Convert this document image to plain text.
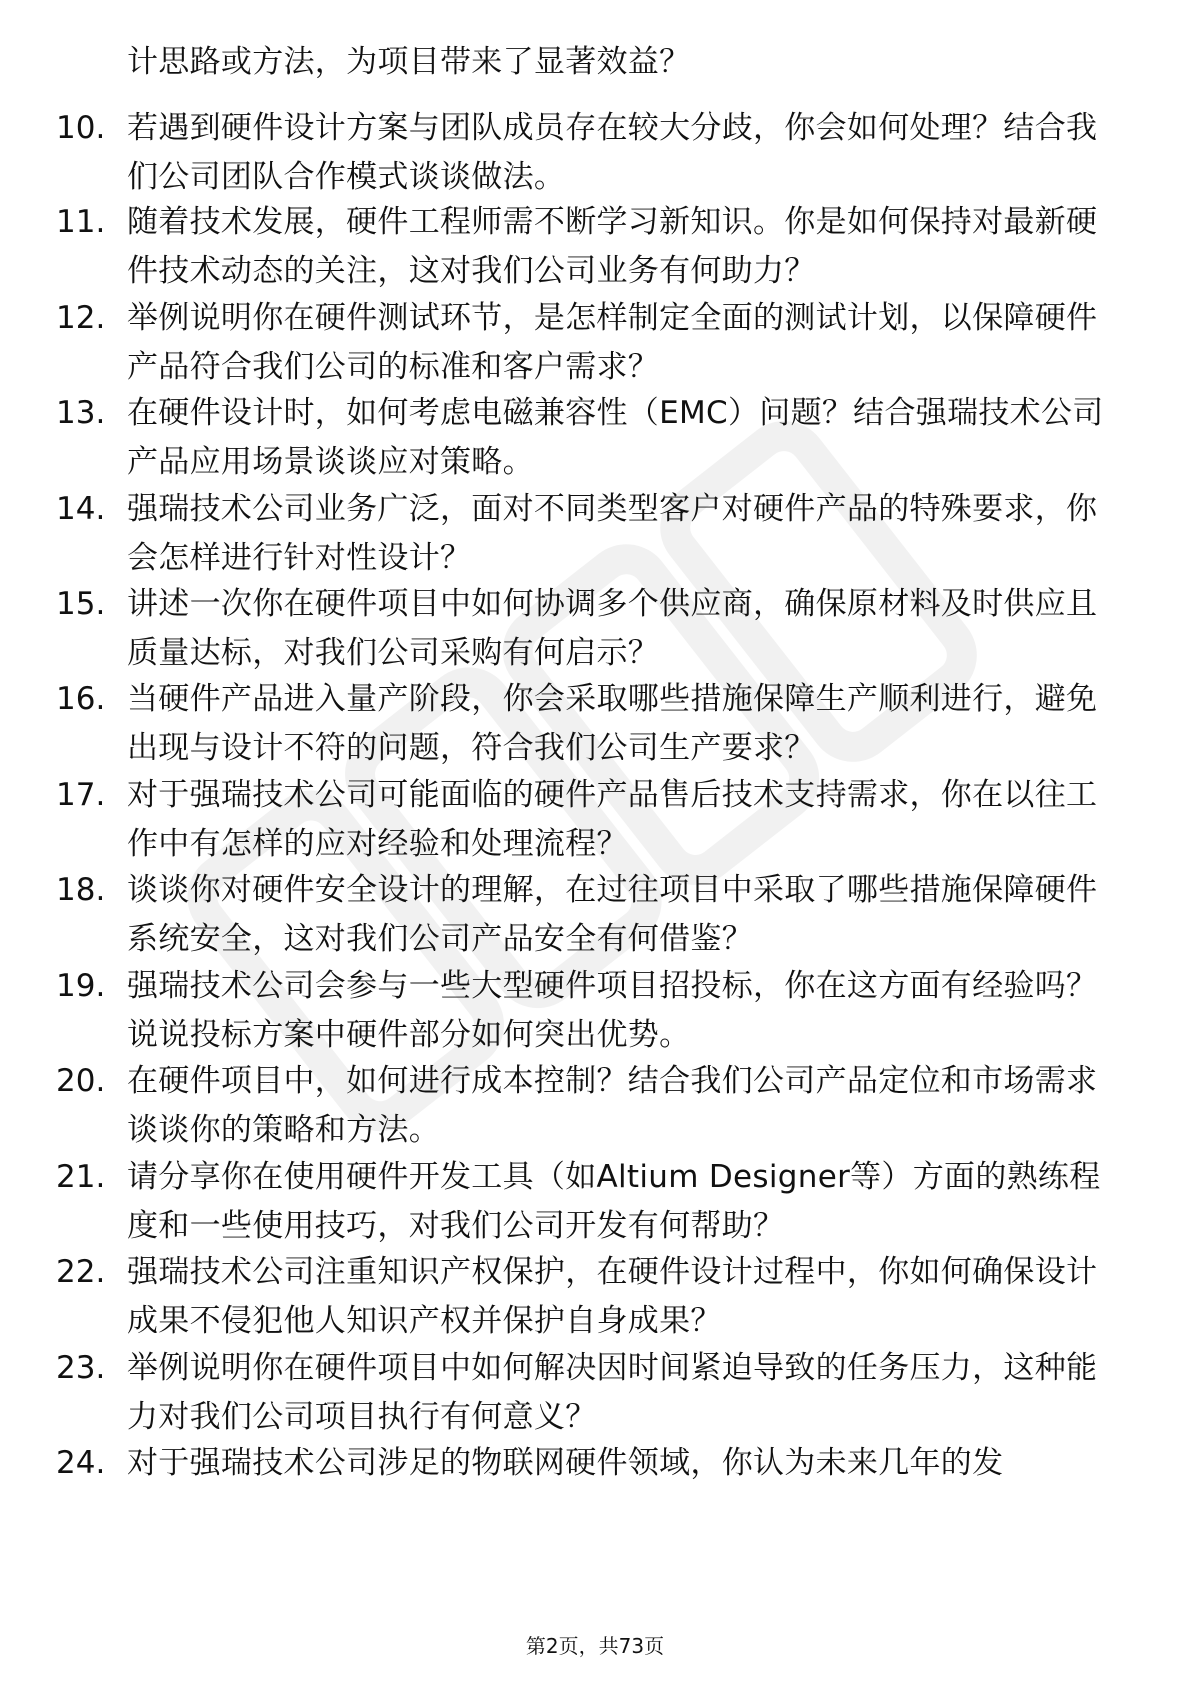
计思路或方法，为项目带来了显著效益？
10. 若遇到硬件设计方案与团队成员存在较大分歧，你会如何处理？结合我们公司团队合作模式谈谈做法。
11. 随着技术发展，硬件工程师需不断学习新知识。你是如何保持对最新硬件技术动态的关注，这对我们公司业务有何助力？
12. 举例说明你在硬件测试环节，是怎样制定全面的测试计划，以保障硬件产品符合我们公司的标准和客户需求？
13. 在硬件设计时，如何考虑电磁兼容性（EMC）问题？结合强瑞技术公司产品应用场景谈谈应对策略。
14. 强瑞技术公司业务广泛，面对不同类型客户对硬件产品的特殊要求，你会怎样进行针对性设计？
15. 讲述一次你在硬件项目中如何协调多个供应商，确保原材料及时供应且质量达标，对我们公司采购有何启示？
16. 当硬件产品进入量产阶段，你会采取哪些措施保障生产顺利进行，避免出现与设计不符的问题，符合我们公司生产要求？
17. 对于强瑞技术公司可能面临的硬件产品售后技术支持需求，你在以往工作中有怎样的应对经验和处理流程？
18. 谈谈你对硬件安全设计的理解，在过往项目中采取了哪些措施保障硬件系统安全，这对我们公司产品安全有何借鉴？
19. 强瑞技术公司会参与一些大型硬件项目招投标，你在这方面有经验吗？说说投标方案中硬件部分如何突出优势。
20. 在硬件项目中，如何进行成本控制？结合我们公司产品定位和市场需求谈谈你的策略和方法。
21. 请分享你在使用硬件开发工具（如Altium Designer等）方面的熟练程度和一些使用技巧，对我们公司开发有何帮助？
22. 强瑞技术公司注重知识产权保护，在硬件设计过程中，你如何确保设计成果不侵犯他人知识产权并保护自身成果？
23. 举例说明你在硬件项目中如何解决因时间紧迫导致的任务压力，这种能力对我们公司项目执行有何意义？
24. 对于强瑞技术公司涉足的物联网硬件领域，你认为未来几年的发
第2页，共73页
